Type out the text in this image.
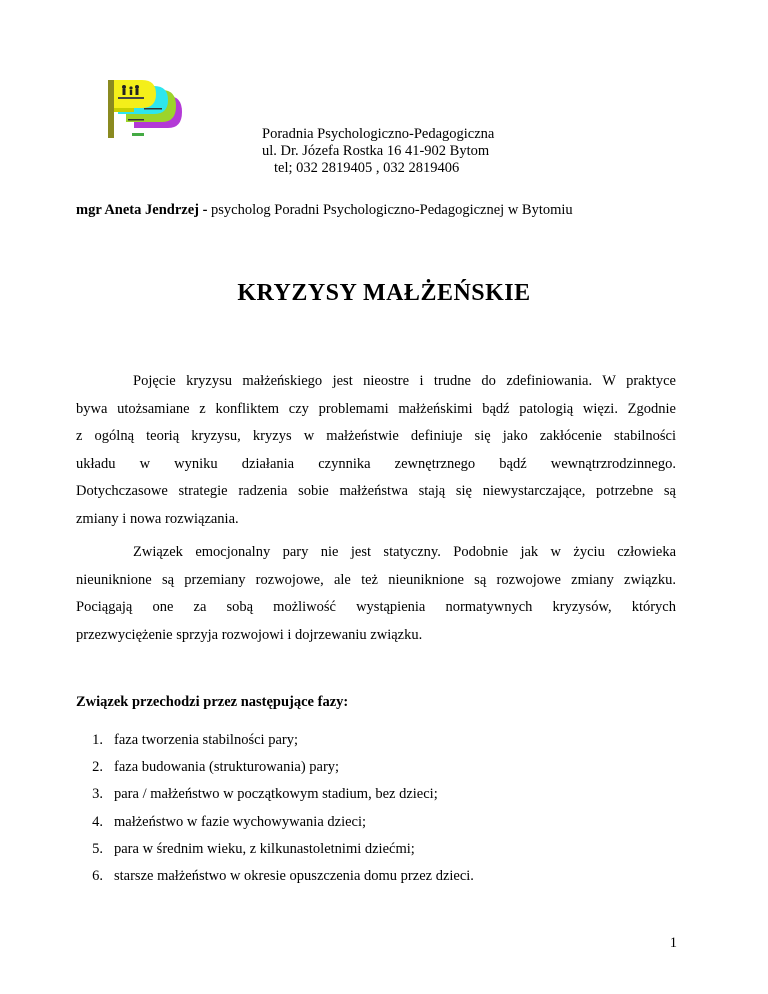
Poradnia Psychologiczno-Pedagogiczna
ul. Dr. Józefa Rostka 16 41-902 Bytom
tel; 032 2819405 , 032 2819406
mgr Aneta Jendrzej - psycholog Poradni Psychologiczno-Pedagogicznej w Bytomiu
KRYZYSY MAŁŻEŃSKIE
Pojęcie kryzysu małżeńskiego jest nieostre i trudne do zdefiniowania. W praktyce
bywa utożsamiane z konfliktem czy problemami małżeńskimi bądź patologią więzi. Zgodnie
z ogólną teorią kryzysu, kryzys w małżeństwie definiuje się jako zakłócenie stabilności
układu w wyniku działania czynnika zewnętrznego bądź wewnątrzrodzinnego.
Dotychczasowe strategie radzenia sobie małżeństwa stają się niewystarczające, potrzebne są
zmiany i nowa rozwiązania.
Związek emocjonalny pary nie jest statyczny. Podobnie jak w życiu człowieka
nieuniknione są przemiany rozwojowe, ale też nieuniknione są rozwojowe zmiany związku.
Pociągają one za sobą możliwość wystąpienia normatywnych kryzysów, których
przezwyciężenie sprzyja rozwojowi i dojrzewaniu związku.
Związek przechodzi przez następujące fazy:
1. faza tworzenia stabilności pary;
2. faza budowania (strukturowania) pary;
3. para / małżeństwo w początkowym stadium, bez dzieci;
4. małżeństwo w fazie wychowywania dzieci;
5. para w średnim wieku, z kilkunastoletnimi dziećmi;
6. starsze małżeństwo w okresie opuszczenia domu przez dzieci.
1
